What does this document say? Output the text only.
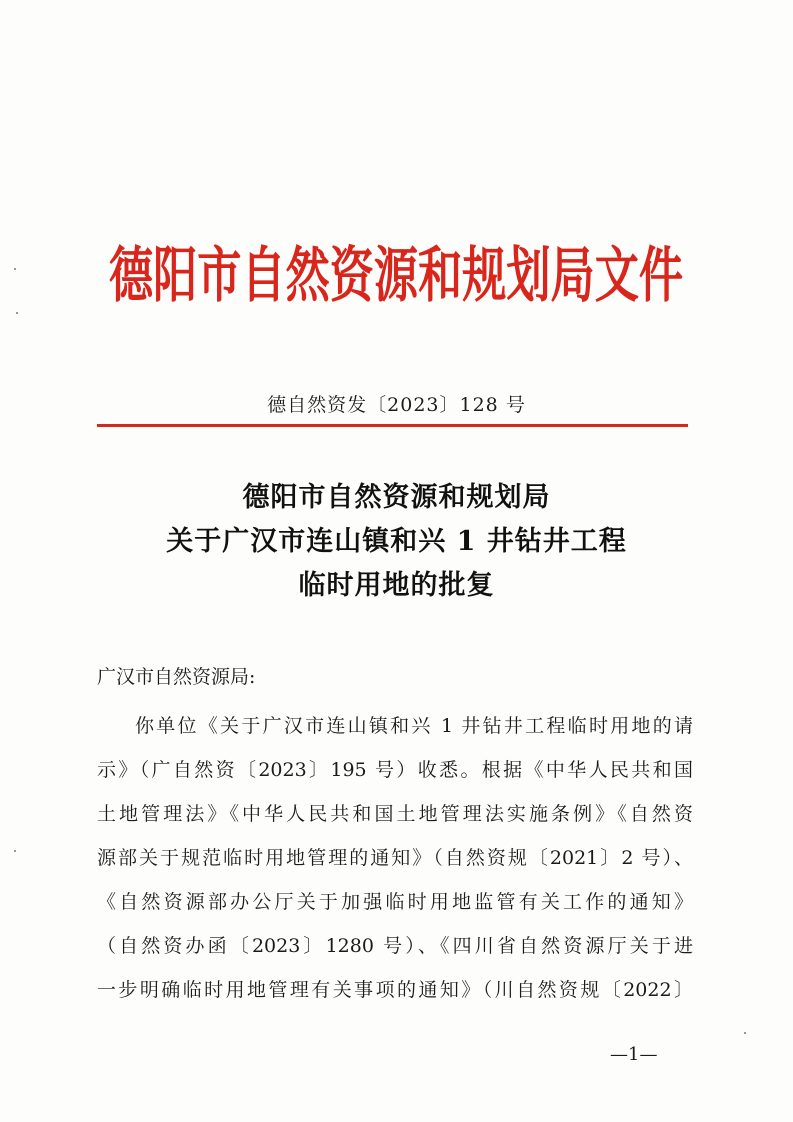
德阳市自然资源和规划局文件
德自然资发〔2023〕128 号
德阳市自然资源和规划局
关于广汉市连山镇和兴 1 井钻井工程
临时用地的批复
广汉市自然资源局:
你单位《关于广汉市连山镇和兴 1 井钻井工程临时用地的请
示》（广自然资〔2023〕195 号）收悉。根据《中华人民共和国
土地管理法》《中华人民共和国土地管理法实施条例》《自然资
源部关于规范临时用地管理的通知》（自然资规〔2021〕2 号）、
《自然资源部办公厅关于加强临时用地监管有关工作的通知》
（自然资办函〔2023〕1280 号）、《四川省自然资源厅关于进
一步明确临时用地管理有关事项的通知》（川自然资规〔2022〕
—1—
